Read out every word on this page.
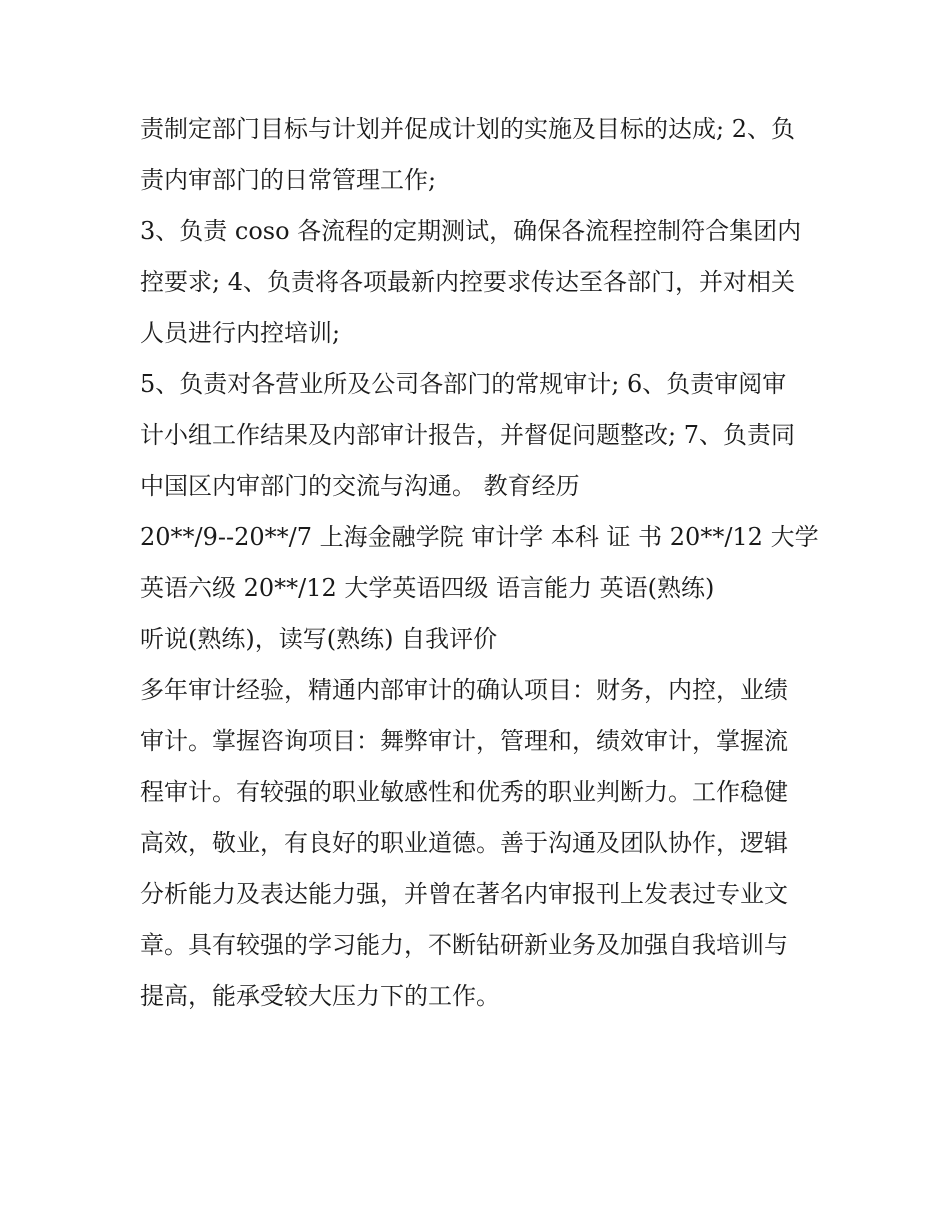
责制定部门目标与计划并促成计划的实施及目标的达成; 2、负
责内审部门的日常管理工作;
3、负责 coso 各流程的定期测试，确保各流程控制符合集团内
控要求; 4、负责将各项最新内控要求传达至各部门，并对相关
人员进行内控培训;
5、负责对各营业所及公司各部门的常规审计; 6、负责审阅审
计小组工作结果及内部审计报告，并督促问题整改; 7、负责同
中国区内审部门的交流与沟通。 教育经历
20**/9--20**/7 上海金融学院 审计学 本科 证 书 20**/12 大学
英语六级 20**/12 大学英语四级 语言能力 英语(熟练)
听说(熟练)，读写(熟练) 自我评价
多年审计经验，精通内部审计的确认项目：财务，内控，业绩
审计。掌握咨询项目：舞弊审计，管理和，绩效审计，掌握流
程审计。有较强的职业敏感性和优秀的职业判断力。工作稳健
高效，敬业，有良好的职业道德。善于沟通及团队协作，逻辑
分析能力及表达能力强，并曾在著名内审报刊上发表过专业文
章。具有较强的学习能力，不断钻研新业务及加强自我培训与
提高，能承受较大压力下的工作。
